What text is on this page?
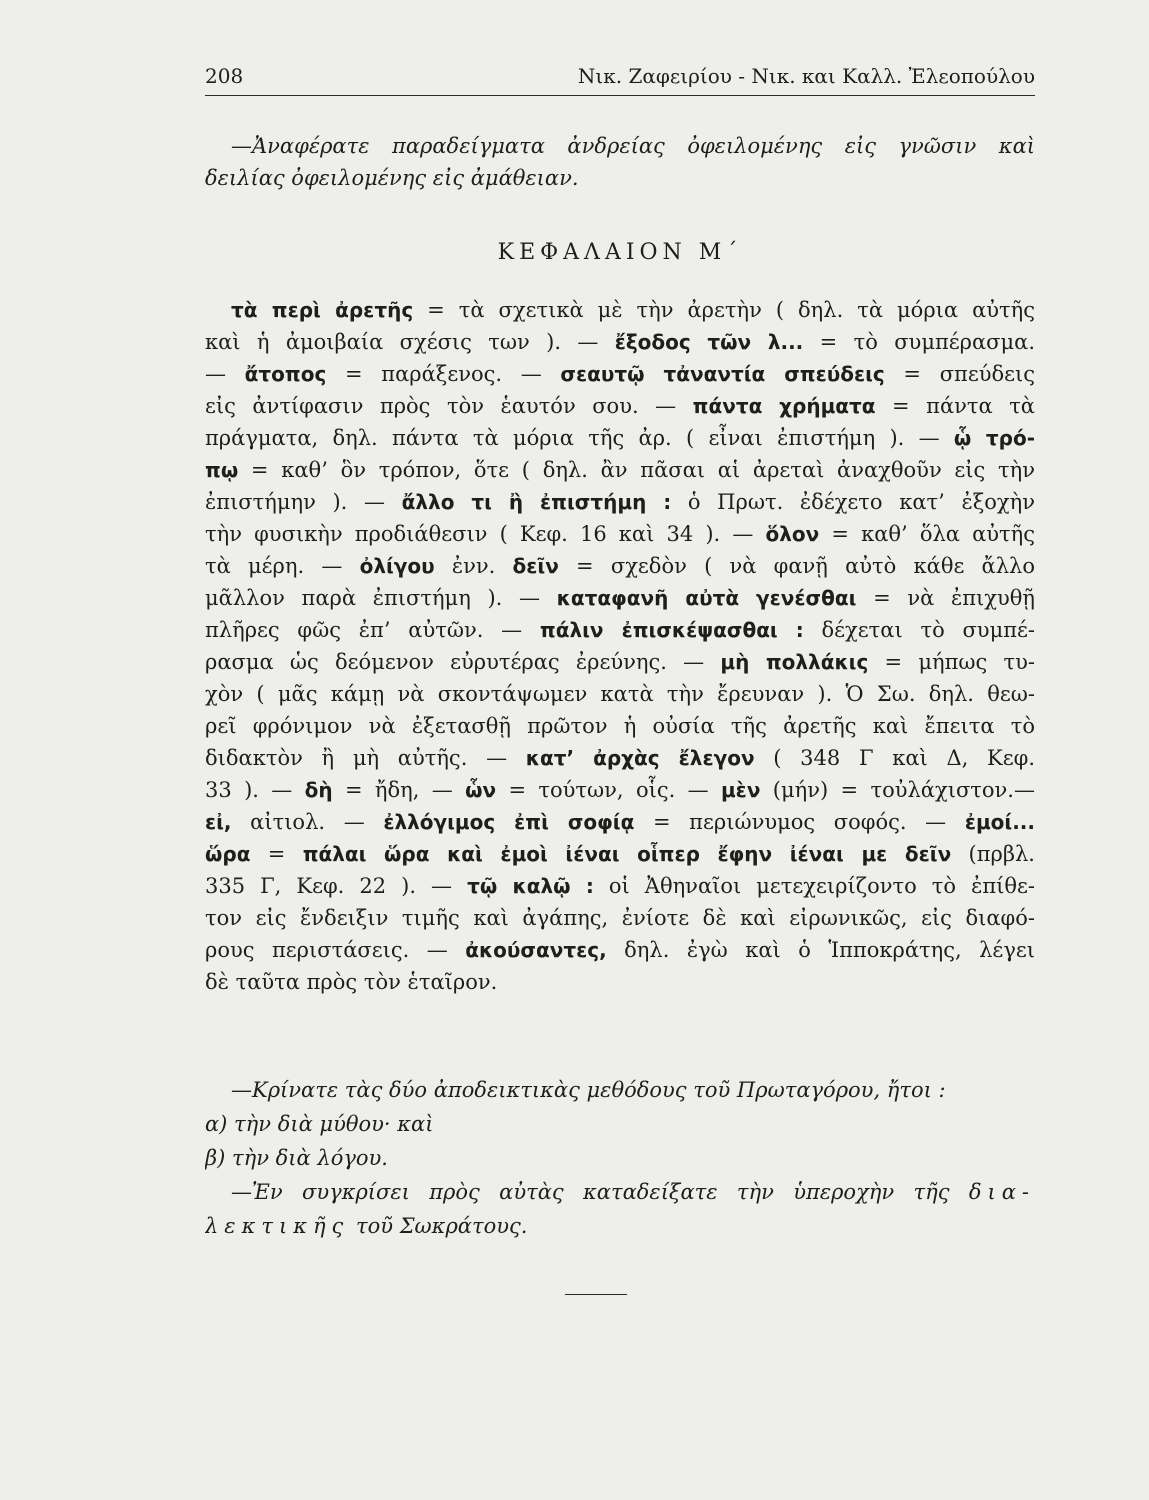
208	Νικ. Ζαφειρίου - Νικ. και Καλλ. Ἐλεοπούλου
—Ἀναφέρατε παραδείγματα ἀνδρείας ὀφειλομένης εἰς γνῶσιν καὶ
δειλίας ὀφειλομένης εἰς ἀμάθειαν.
ΚΕΦΑΛΑΙΟΝ Μ΄
τὰ περὶ ἀρετῆς = τὰ σχετικὰ μὲ τὴν ἀρετὴν ( δηλ. τὰ μόρια αὐτῆς
καὶ ἡ ἀμοιβαία σχέσις των ). — ἔξοδος τῶν λ... = τὸ συμπέρασμα.
— ἄτοπος = παράξενος. — σεαυτῷ τἀναντία σπεύδεις = σπεύδεις
εἰς ἀντίφασιν πρὸς τὸν ἑαυτόν σου. — πάντα χρήματα = πάντα τὰ
πράγματα, δηλ. πάντα τὰ μόρια τῆς ἀρ. ( εἶναι ἐπιστήμη ). — ᾧ τρό-
πῳ = καθ’ ὃν τρόπον, ὅτε ( δηλ. ἂν πᾶσαι αἱ ἀρεταὶ ἀναχθοῦν εἰς τὴν
ἐπιστήμην ). — ἄλλο τι ἢ ἐπιστήμη : ὁ Πρωτ. ἐδέχετο κατ’ ἐξοχὴν
τὴν φυσικὴν προδιάθεσιν ( Κεφ. 16 καὶ 34 ). — ὅλον = καθ’ ὅλα αὐτῆς
τὰ μέρη. — ὀλίγου ἐνν. δεῖν = σχεδὸν ( νὰ φανῇ αὐτὸ κάθε ἄλλο
μᾶλλον παρὰ ἐπιστήμη ). — καταφανῆ αὐτὰ γενέσθαι = νὰ ἐπιχυθῇ
πλῆρες φῶς ἐπ’ αὐτῶν. — πάλιν ἐπισκέψασθαι : δέχεται τὸ συμπέ-
ρασμα ὡς δεόμενον εὐρυτέρας ἐρεύνης. — μὴ πολλάκις = μήπως τυ-
χὸν ( μᾶς κάμῃ νὰ σκοντάψωμεν κατὰ τὴν ἔρευναν ). Ὁ Σω. δηλ. θεω-
ρεῖ φρόνιμον νὰ ἐξετασθῇ πρῶτον ἡ οὐσία τῆς ἀρετῆς καὶ ἔπειτα τὸ
διδακτὸν ἢ μὴ αὐτῆς. — κατ’ ἀρχὰς ἔλεγον ( 348 Γ καὶ Δ, Κεφ.
33 ). — δὴ = ἤδη, — ὧν = τούτων, οἷς. — μὲν (μήν) = τοὐλάχιστον.—
εἰ, αἰτιολ. — ἐλλόγιμος ἐπὶ σοφίᾳ = περιώνυμος σοφός. — ἐμοί...
ὥρα = πάλαι ὥρα καὶ ἐμοὶ ἰέναι οἷπερ ἔφην ἰέναι με δεῖν (πρβλ.
335 Γ, Κεφ. 22 ). — τῷ καλῷ : οἱ Ἀθηναῖοι μετεχειρίζοντο τὸ ἐπίθε-
τον εἰς ἔνδειξιν τιμῆς καὶ ἀγάπης, ἐνίοτε δὲ καὶ εἰρωνικῶς, εἰς διαφό-
ρους περιστάσεις. — ἀκούσαντες, δηλ. ἐγὼ καὶ ὁ Ἱπποκράτης, λέγει
δὲ ταῦτα πρὸς τὸν ἑταῖρον.
—Κρίνατε τὰς δύο ἀποδεικτικὰς μεθόδους τοῦ Πρωταγόρου, ἤτοι :
α) τὴν διὰ μύθου· καὶ
β) τὴν διὰ λόγου.
—Ἐν συγκρίσει πρὸς αὐτὰς καταδείξατε τὴν ὑπεροχὴν τῆς δια-
λεκτικῆς τοῦ Σωκράτους.
